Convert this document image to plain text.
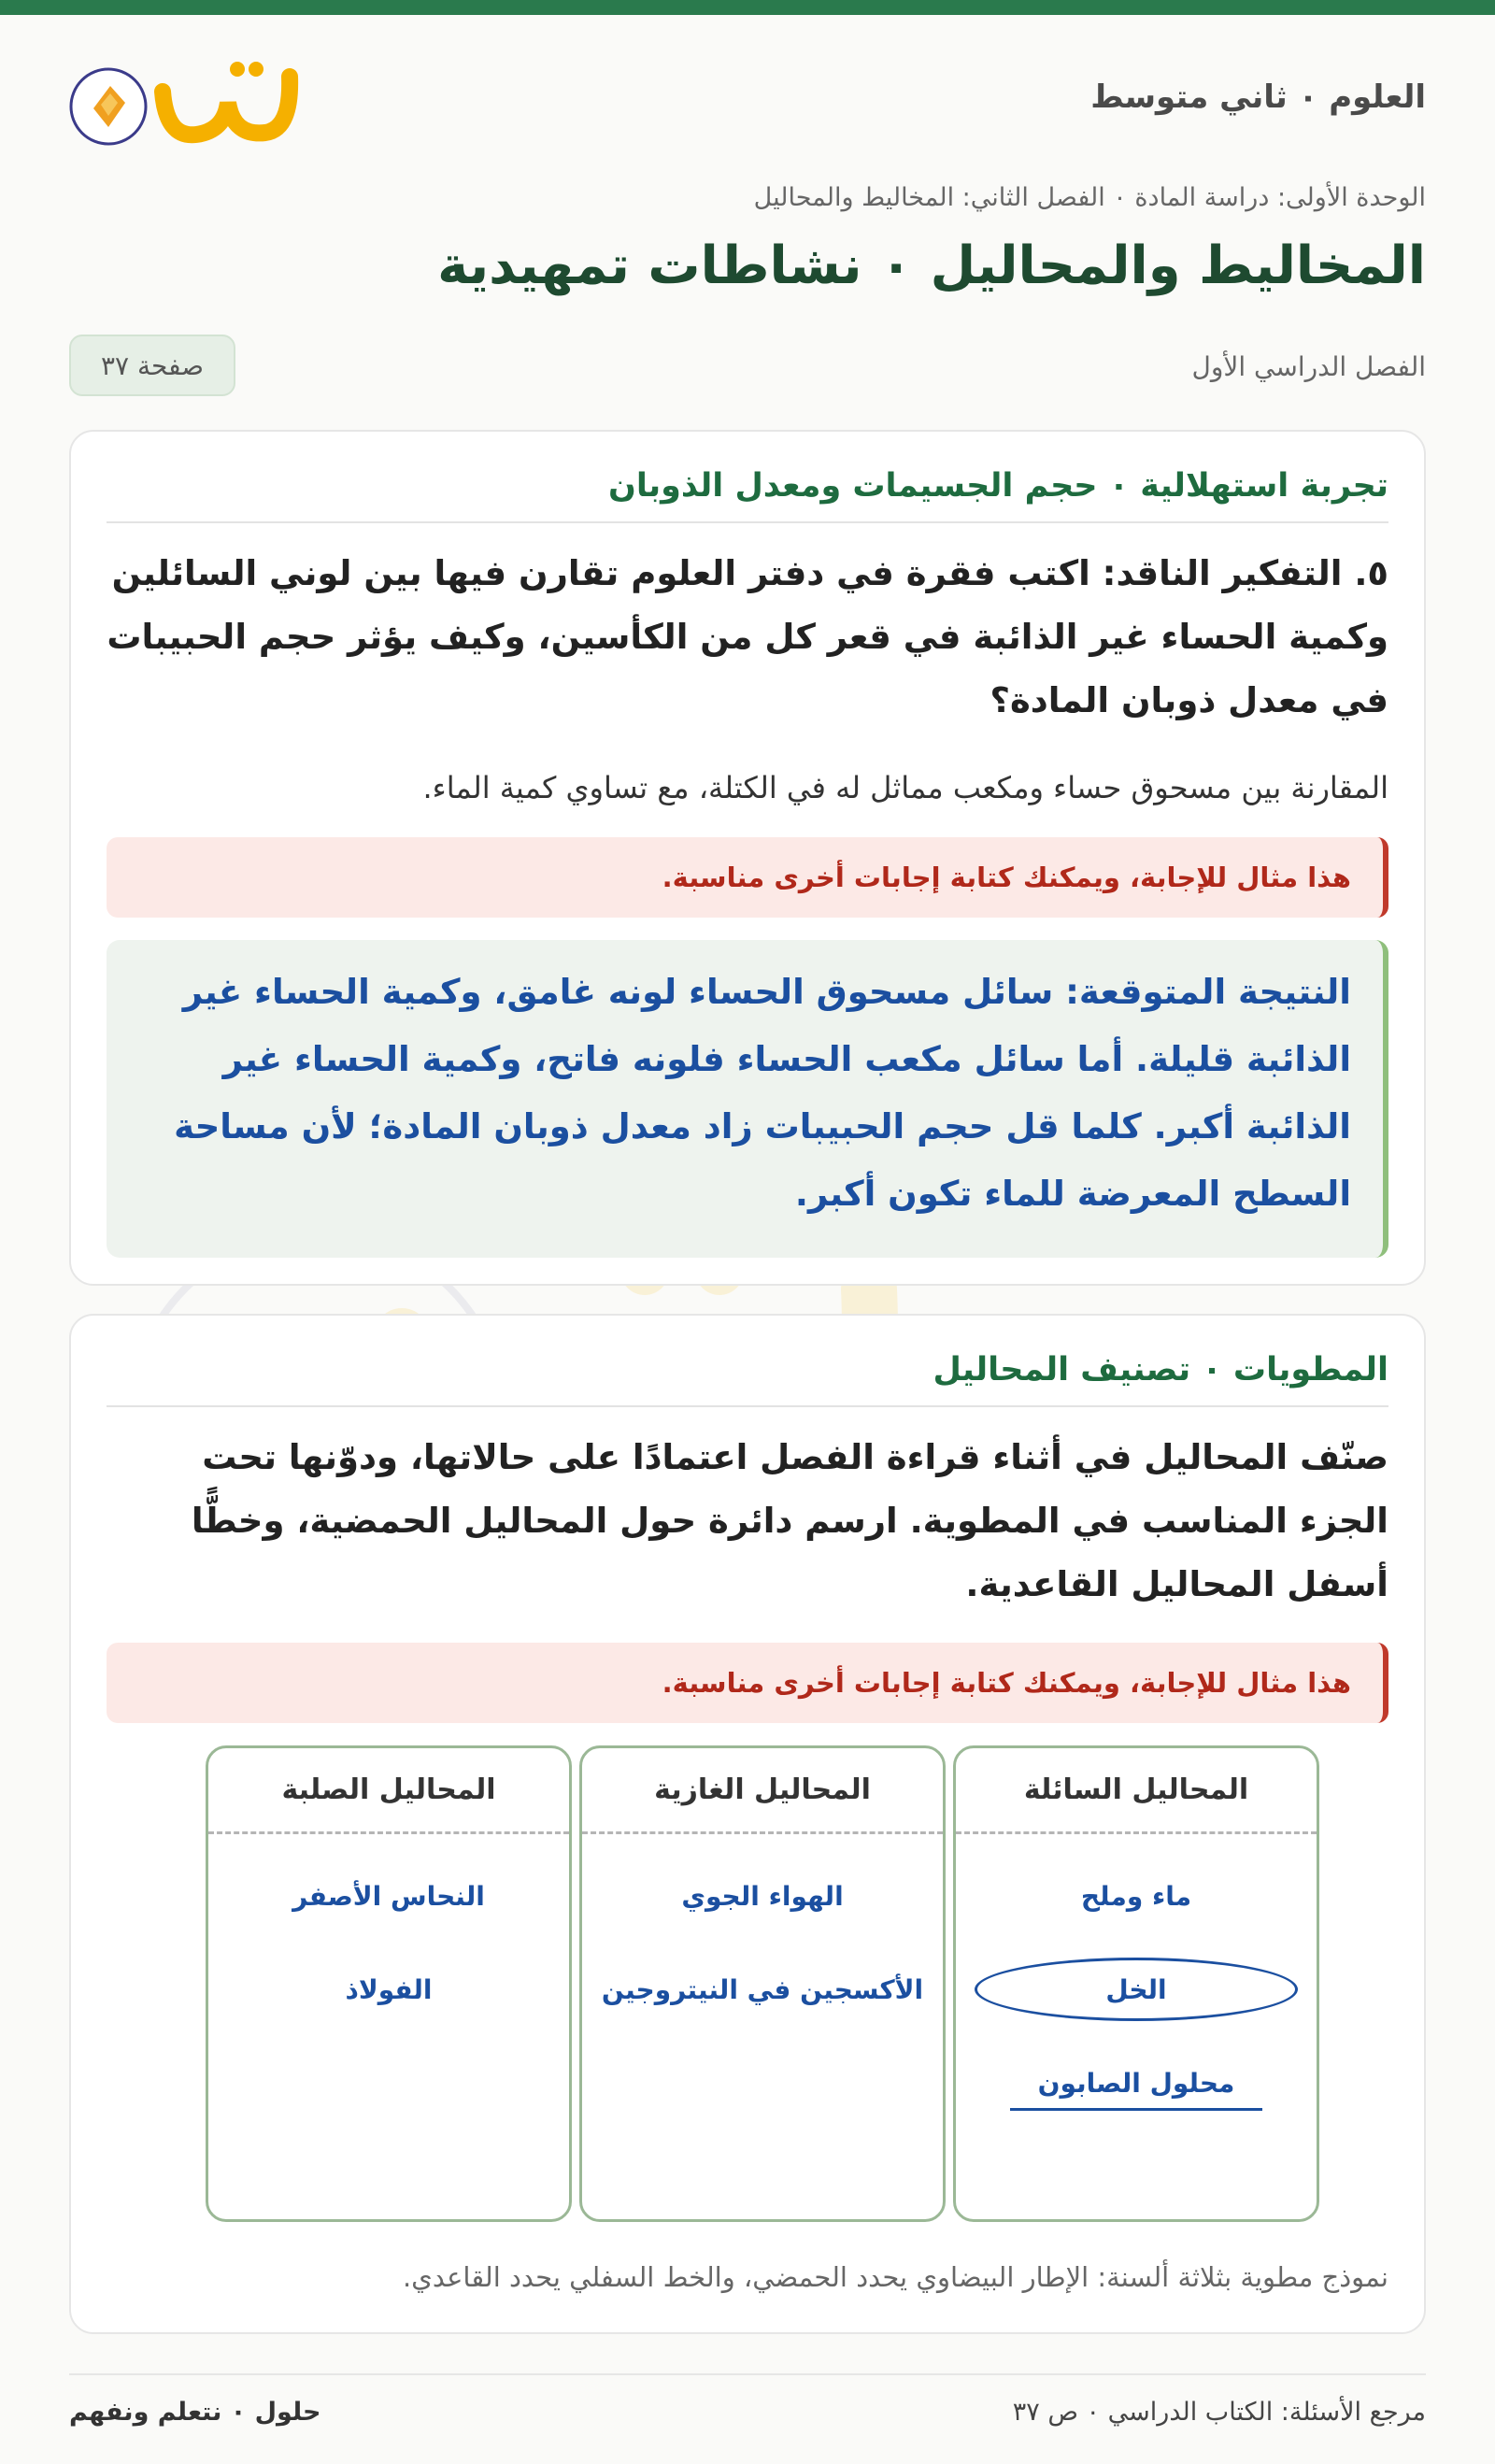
العلوم ٠ ثاني متوسط
الوحدة الأولى: دراسة المادة ٠ الفصل الثاني: المخاليط والمحاليل
المخاليط والمحاليل ٠ نشاطات تمهيدية
الفصل الدراسي الأول
صفحة ٣٧
تجربة استهلالية ٠ حجم الجسيمات ومعدل الذوبان
٥. التفكير الناقد: اكتب فقرة في دفتر العلوم تقارن فيها بين لوني السائلين وكمية الحساء غير الذائبة في قعر كل من الكأسين، وكيف يؤثر حجم الحبيبات في معدل ذوبان المادة؟
المقارنة بين مسحوق حساء ومكعب مماثل له في الكتلة، مع تساوي كمية الماء.
هذا مثال للإجابة، ويمكنك كتابة إجابات أخرى مناسبة.
النتيجة المتوقعة: سائل مسحوق الحساء لونه غامق، وكمية الحساء غير الذائبة قليلة. أما سائل مكعب الحساء فلونه فاتح، وكمية الحساء غير الذائبة أكبر. كلما قل حجم الحبيبات زاد معدل ذوبان المادة؛ لأن مساحة السطح المعرضة للماء تكون أكبر.
المطويات ٠ تصنيف المحاليل
صنّف المحاليل في أثناء قراءة الفصل اعتمادًا على حالاتها، ودوّنها تحت الجزء المناسب في المطوية. ارسم دائرة حول المحاليل الحمضية، وخطًّا أسفل المحاليل القاعدية.
هذا مثال للإجابة، ويمكنك كتابة إجابات أخرى مناسبة.
المحاليل السائلة
ماء وملح
الخل
محلول الصابون
المحاليل الغازية
الهواء الجوي
الأكسجين في النيتروجين
المحاليل الصلبة
النحاس الأصفر
الفولاذ
نموذج مطوية بثلاثة ألسنة: الإطار البيضاوي يحدد الحمضي، والخط السفلي يحدد القاعدي.
حلول ٠ نتعلم ونفهم	مرجع الأسئلة: الكتاب الدراسي ٠ ص ٣٧
